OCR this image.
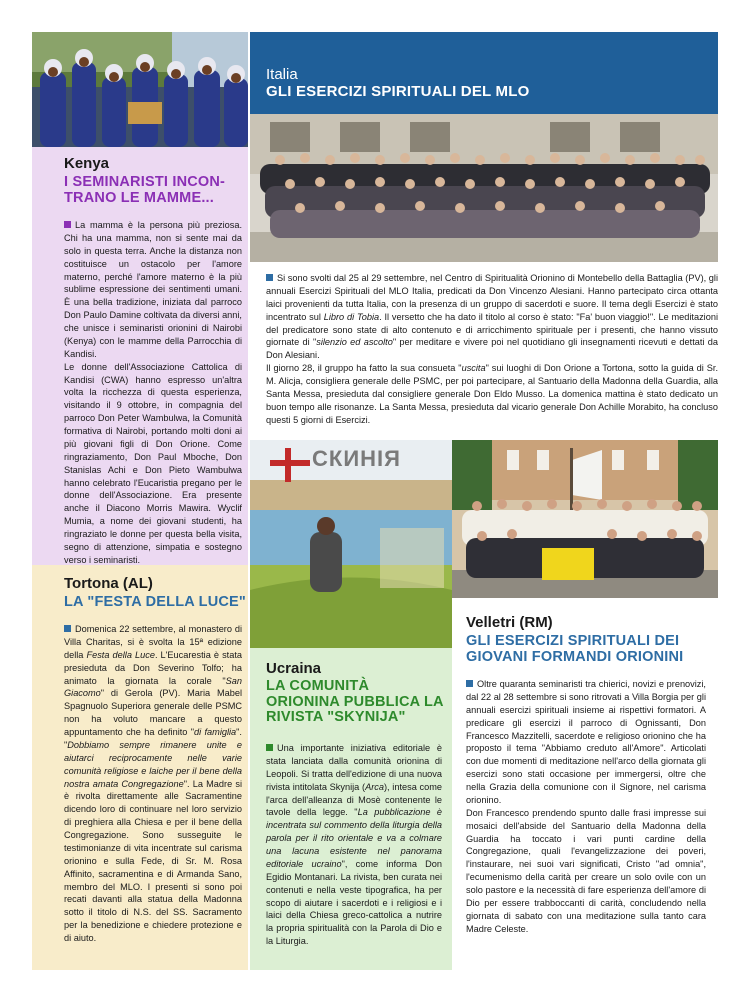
Kenya
I SEMINARISTI INCON-TRANO LE MAMME...

La mamma è la persona più preziosa. Chi ha una mamma, non si sente mai da solo in questa terra. Anche la distanza non costituisce un ostacolo per l'amore materno, perché l'amore materno è la più sublime espressione dei sentimenti umani. È una bella tradizione, iniziata dal parroco Don Paulo Damine coltivata da diversi anni, che unisce i seminaristi orionini di Nairobi (Kenya) con le mamme della Parrocchia di Kandisi.

Le donne dell'Associazione Cattolica di Kandisi (CWA) hanno espresso un'altra volta la ricchezza di questa esperienza, visitando il 9 ottobre, in compagnia del parroco Don Peter Wambulwa, la Comunità formativa di Nairobi, portando molti doni ai più giovani figli di Don Orione. Come ringraziamento, Don Paul Mboche, Don Stanislas Achi e Don Pieto Wambulwa hanno celebrato l'Eucaristia pregano per le donne dell'Associazione. Era presente anche il Diacono Morris Mawira. Wyclif Mumia, a nome dei giovani studenti, ha ringraziato le donne per questa bella visita, segno di attenzione, simpatia e sostegno verso i seminaristi.

Tortona (AL)
LA "FESTA DELLA LUCE"

Domenica 22 settembre, al monastero di Villa Charitas, si è svolta la 15ª edizione della Festa della Luce. L'Eucarestia è stata presieduta da Don Severino Tolfo; ha animato la giornata la corale "San Giacomo" di Gerola (PV). Maria Mabel Spagnuolo Superiora generale delle PSMC non ha voluto mancare a questo appuntamento che ha definito "di famiglia". "Dobbiamo sempre rimanere unite e aiutarci reciprocamente nelle varie comunità religiose e laiche per il bene della nostra amata Congregazione". La Madre si è rivolta direttamente alle Sacramentine dicendo loro di continuare nel loro servizio di preghiera alla Chiesa e per il bene della Congregazione. Sono susseguite le testimonianze di vita incentrate sul carisma orionino e sulla Fede, di Sr. M. Rosa Affinito, sacramentina e di Armanda Sano, membro del MLO. I presenti si sono poi recati davanti alla statua della Madonna sotto il titolo di N.S. del SS. Sacramento per la benedizione e chiedere protezione e di aiuto.

Italia
GLI ESERCIZI SPIRITUALI DEL MLO

Si sono svolti dal 25 al 29 settembre, nel Centro di Spiritualità Orionino di Montebello della Battaglia (PV), gli annuali Esercizi Spirituali del MLO Italia, predicati da Don Vincenzo Alesiani. Hanno partecipato circa ottanta laici provenienti da tutta Italia, con la presenza di un gruppo di sacerdoti e suore. Il tema degli Esercizi è stato incentrato sul Libro di Tobia. Il versetto che ha dato il titolo al corso è stato: "Fa' buon viaggio!". Le meditazioni del predicatore sono state di alto contenuto e di arricchimento spirituale per i presenti, che hanno vissuto giornate di "silenzio ed ascolto" per meditare e vivere poi nel quotidiano gli insegnamenti ricevuti e dettati da Don Alesiani.

Il giorno 28, il gruppo ha fatto la sua consueta "uscita" sui luoghi di Don Orione a Tortona, sotto la guida di Sr. M. Alicja, consigliera generale delle PSMC, per poi partecipare, al Santuario della Madonna della Guardia, alla Santa Messa, presieduta dal consigliere generale Don Eldo Musso. La domenica mattina è stato dedicato un buon tempo alle risonanze. La Santa Messa, presieduta dal vicario generale Don Achille Morabito, ha concluso questi 5 giorni di Esercizi.

СКИНІЯ
Ucraina
LA COMUNITÀ ORIONINA PUBBLICA LA RIVISTA "SKYNIJA"

Una importante iniziativa editoriale è stata lanciata dalla comunità orionina di Leopoli. Si tratta dell'edizione di una nuova rivista intitolata Skynija (Arca), intesa come l'arca dell'alleanza di Mosè contenente le tavole della legge. "La pubblicazione è incentrata sul commento della liturgia della parola per il rito orientale e va a colmare una lacuna esistente nel panorama editoriale ucraino", come informa Don Egidio Montanari. La rivista, ben curata nei contenuti e nella veste tipografica, ha per scopo di aiutare i sacerdoti e i religiosi e i laici della Chiesa greco-cattolica a nutrire la propria spiritualità con la Parola di Dio e la Liturgia.

Velletri (RM)
GLI ESERCIZI SPIRITUALI DEI GIOVANI FORMANDI ORIONINI

Oltre quaranta seminaristi tra chierici, novizi e prenovizi, dal 22 al 28 settembre si sono ritrovati a Villa Borgia per gli annuali esercizi spirituali insieme ai rispettivi formatori. A predicare gli esercizi il parroco di Ognissanti, Don Francesco Mazzitelli, sacerdote e religioso orionino che ha proposto il tema "Abbiamo creduto all'Amore". Articolati con due momenti di meditazione nell'arco della giornata gli esercizi sono stati occasione per immergersi, oltre che nella Grazia della comunione con il Signore, nel carisma orionino.

Don Francesco prendendo spunto dalle frasi impresse sui mosaici dell'abside del Santuario della Madonna della Guardia ha toccato i vari punti cardine della Congregazione, quali l'evangelizzazione dei poveri, l'instaurare, nei suoi vari significati, Cristo "ad omnia", l'ecumenismo della carità per creare un solo ovile con un solo pastore e la necessità di fare esperienza dell'amore di Dio per essere trabboccanti di carità, concludendo nella giornata di sabato con una meditazione sulla tanto cara Madre Celeste.
